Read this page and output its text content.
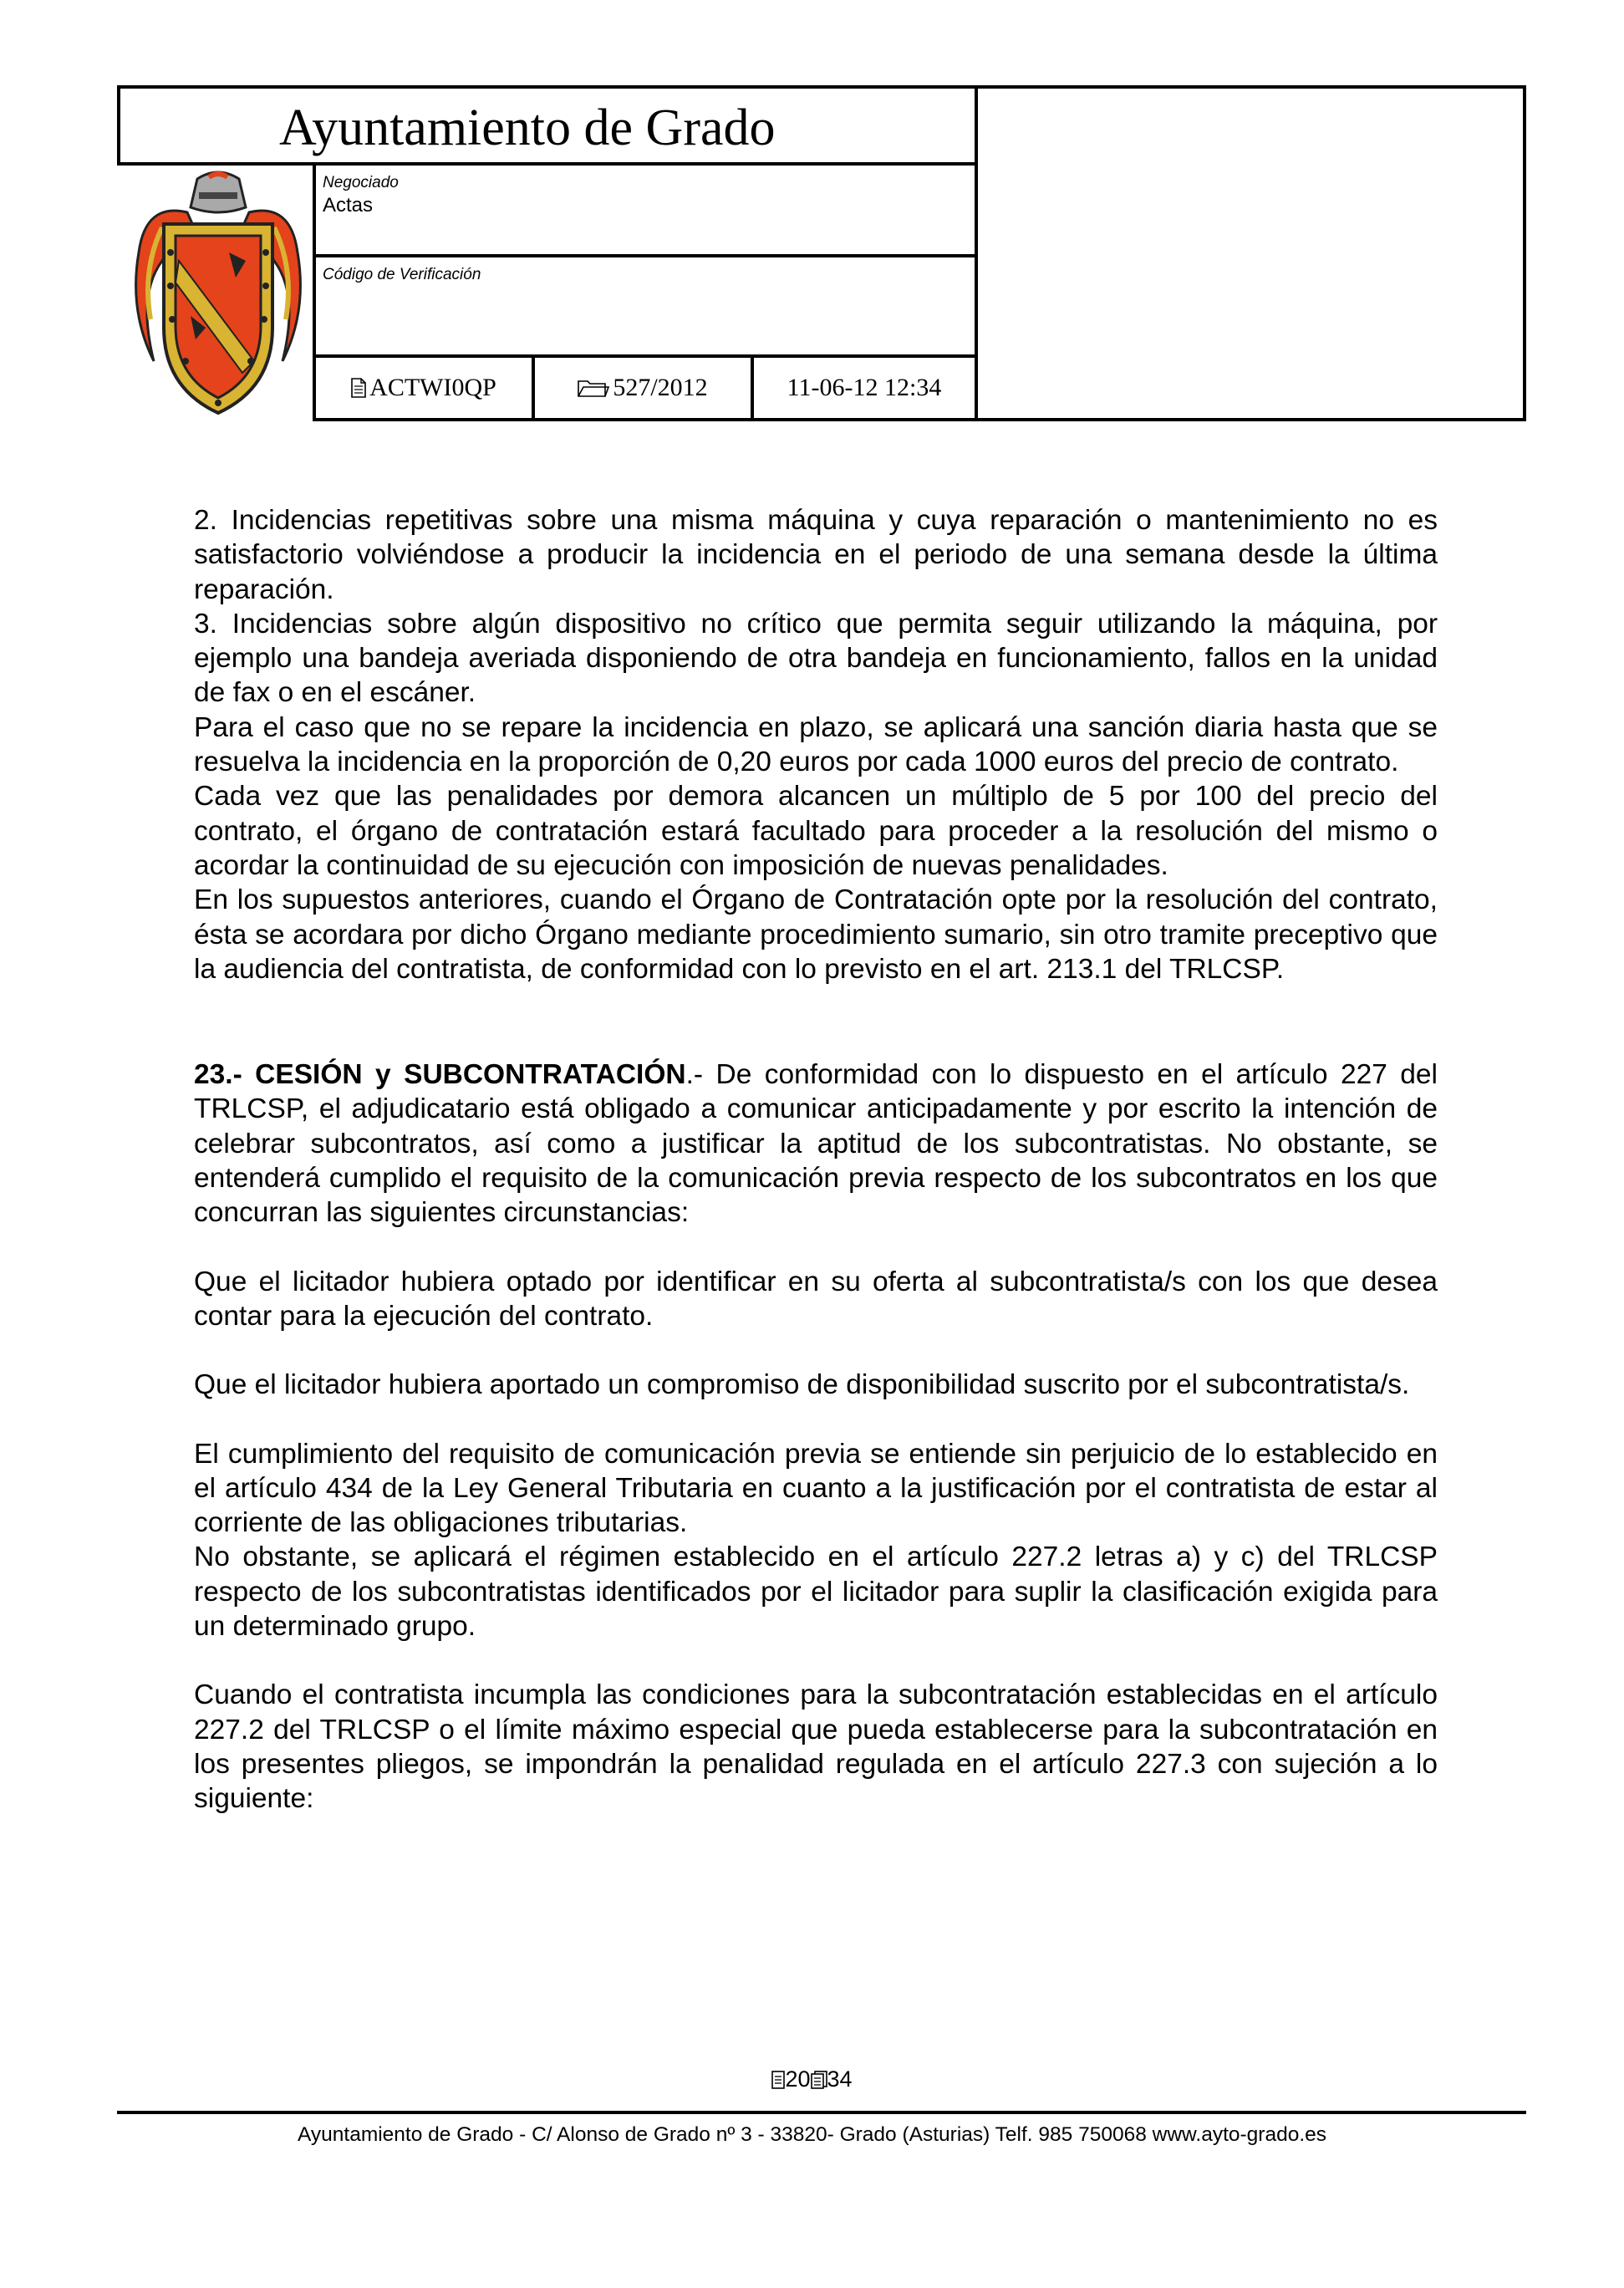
Ayuntamiento de Grado
Negociado
Actas
Código de Verificación
ACTWI0QP	527/2012	11-06-12 12:34

2. Incidencias repetitivas sobre una misma máquina y cuya reparación o mantenimiento no es satisfactorio volviéndose a producir la incidencia en el periodo de una semana desde la última reparación.

3. Incidencias sobre algún dispositivo no crítico que permita seguir utilizando la máquina, por ejemplo una bandeja averiada disponiendo de otra bandeja en funcionamiento, fallos en la unidad de fax o en el escáner.

Para el caso que no se repare la incidencia en plazo, se aplicará una sanción diaria hasta que se resuelva la incidencia en la proporción de 0,20 euros por cada 1000 euros del precio de contrato.

Cada vez que las penalidades por demora alcancen un múltiplo de 5 por 100 del precio del contrato, el órgano de contratación estará facultado para proceder a la resolución del mismo o acordar la continuidad de su ejecución con imposición de nuevas penalidades.

En los supuestos anteriores, cuando el Órgano de Contratación opte por la resolución del contrato, ésta se acordara por dicho Órgano mediante procedimiento sumario, sin otro tramite preceptivo que la audiencia del contratista, de conformidad con lo previsto en el art. 213.1 del TRLCSP.

23.- CESIÓN y SUBCONTRATACIÓN.- De conformidad con lo dispuesto en el artículo 227 del TRLCSP, el adjudicatario está obligado a comunicar anticipadamente y por escrito la intención de celebrar subcontratos, así como a justificar la aptitud de los subcontratistas. No obstante, se entenderá cumplido el requisito de la comunicación previa respecto de los subcontratos en los que concurran las siguientes circunstancias:

Que el licitador hubiera optado por identificar en su oferta al subcontratista/s con los que desea contar para la ejecución del contrato.

Que el licitador hubiera aportado un compromiso de disponibilidad suscrito por el subcontratista/s.

El cumplimiento del requisito de comunicación previa se entiende sin perjuicio de lo establecido en el artículo 434 de la Ley General Tributaria en cuanto a la justificación por el contratista de estar al corriente de las obligaciones tributarias.

No obstante, se aplicará el régimen establecido en el artículo 227.2 letras a) y c) del TRLCSP respecto de los subcontratistas identificados por el licitador para suplir la clasificación exigida para un determinado grupo.

Cuando el contratista incumpla las condiciones para la subcontratación establecidas en el artículo 227.2 del TRLCSP o el límite máximo especial que pueda establecerse para la subcontratación en los presentes pliegos, se impondrán la penalidad regulada en el artículo 227.3 con sujeción a lo siguiente:

20 34
Ayuntamiento de Grado - C/ Alonso de Grado nº 3 - 33820- Grado (Asturias) Telf. 985 750068 www.ayto-grado.es
